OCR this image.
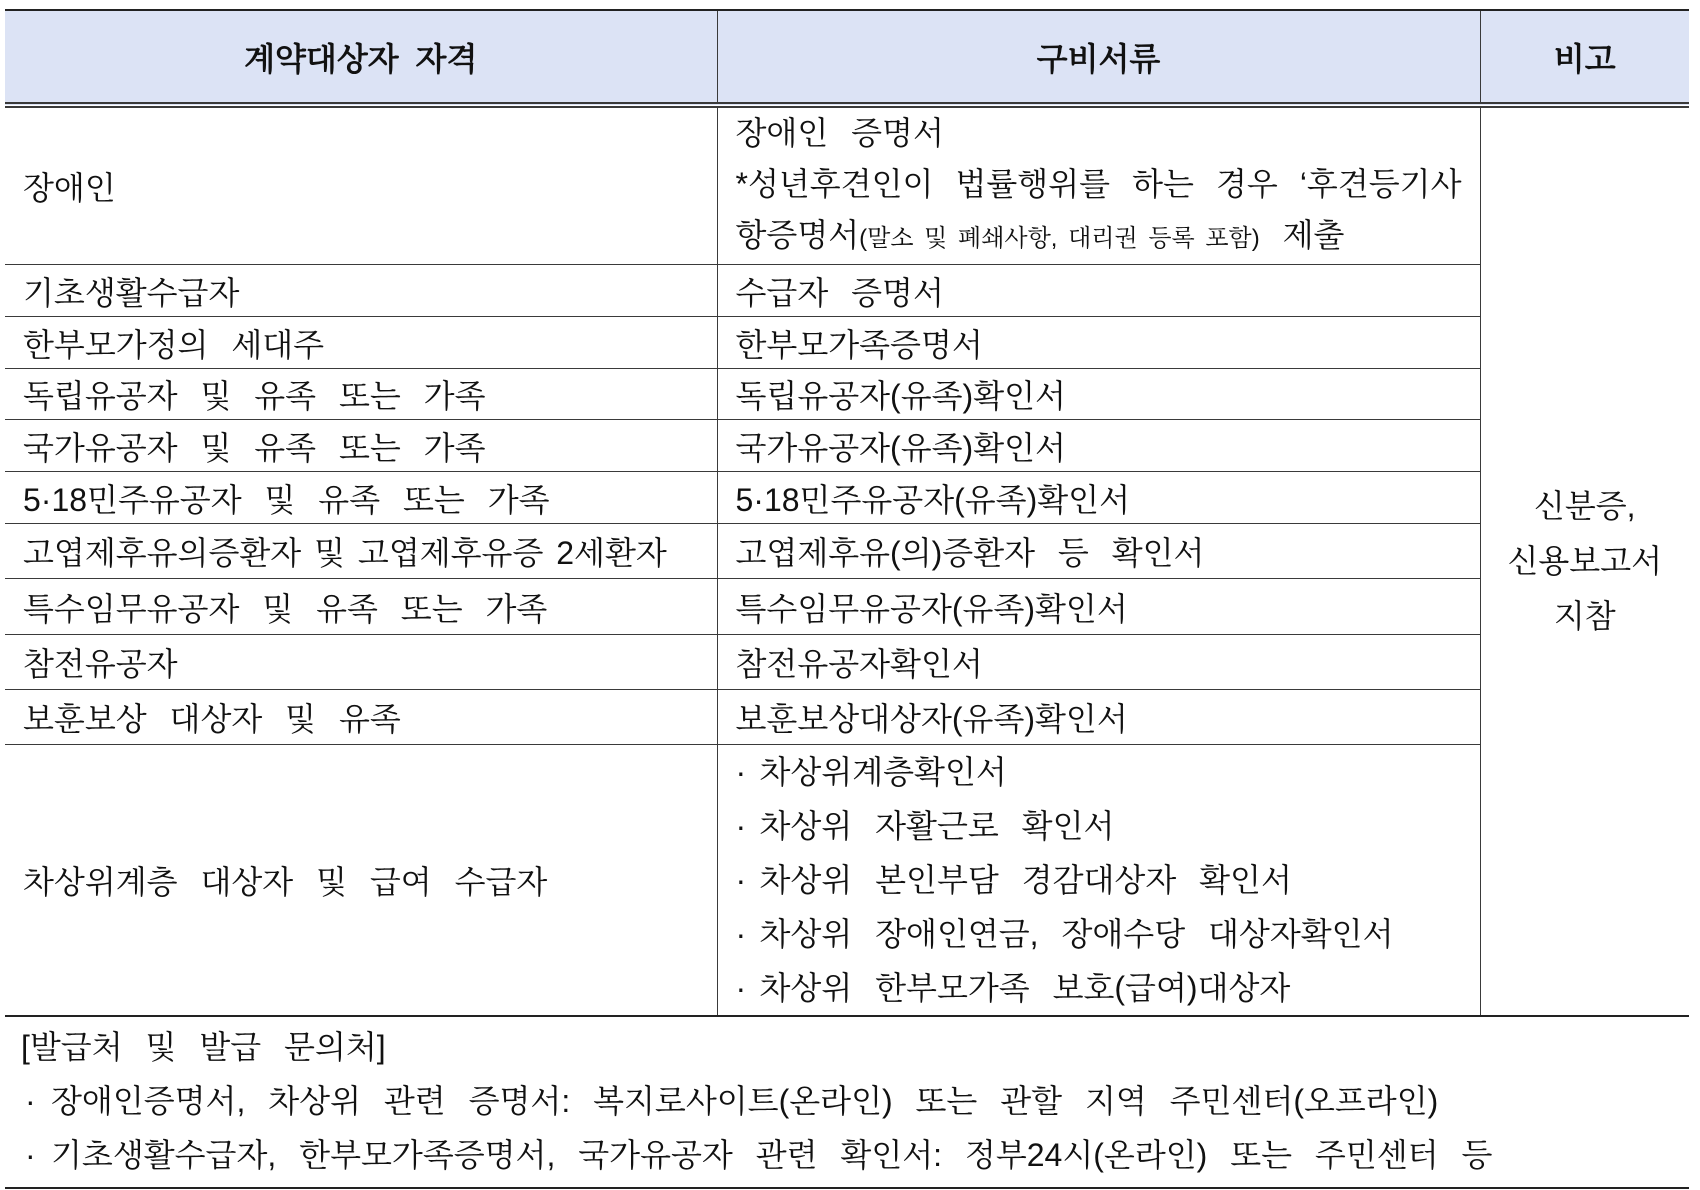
계약대상자 자격	구비서류	비고
장애인	장애인 증명서
*성년후견인이 법률행위를 하는 경우 ‘후견등기사
항증명서(말소 및 폐쇄사항, 대리권 등록 포함) 제출	신분증,
신용보고서
지참

기초생활수급자	수급자 증명서	
한부모가정의 세대주	한부모가족증명서	
독립유공자 및 유족 또는 가족	독립유공자(유족)확인서	
국가유공자 및 유족 또는 가족	국가유공자(유족)확인서	
5·18민주유공자 및 유족 또는 가족	5·18민주유공자(유족)확인서	
고엽제후유의증환자 및 고엽제후유증 2세환자	고엽제후유(의)증환자 등 확인서	
특수임무유공자 및 유족 또는 가족	특수임무유공자(유족)확인서	
참전유공자	참전유공자확인서	
보훈보상 대상자 및 유족	보훈보상대상자(유족)확인서	
차상위계층 대상자 및 급여 수급자	· 차상위계층확인서
· 차상위 자활근로 확인서
· 차상위 본인부담 경감대상자 확인서
· 차상위 장애인연금, 장애수당 대상자확인서
· 차상위 한부모가족 보호(급여)대상자	
[발급처 및 발급 문의처]
· 장애인증명서, 차상위 관련 증명서: 복지로사이트(온라인) 또는 관할 지역 주민센터(오프라인)
· 기초생활수급자, 한부모가족증명서, 국가유공자 관련 확인서: 정부24시(온라인) 또는 주민센터 등
